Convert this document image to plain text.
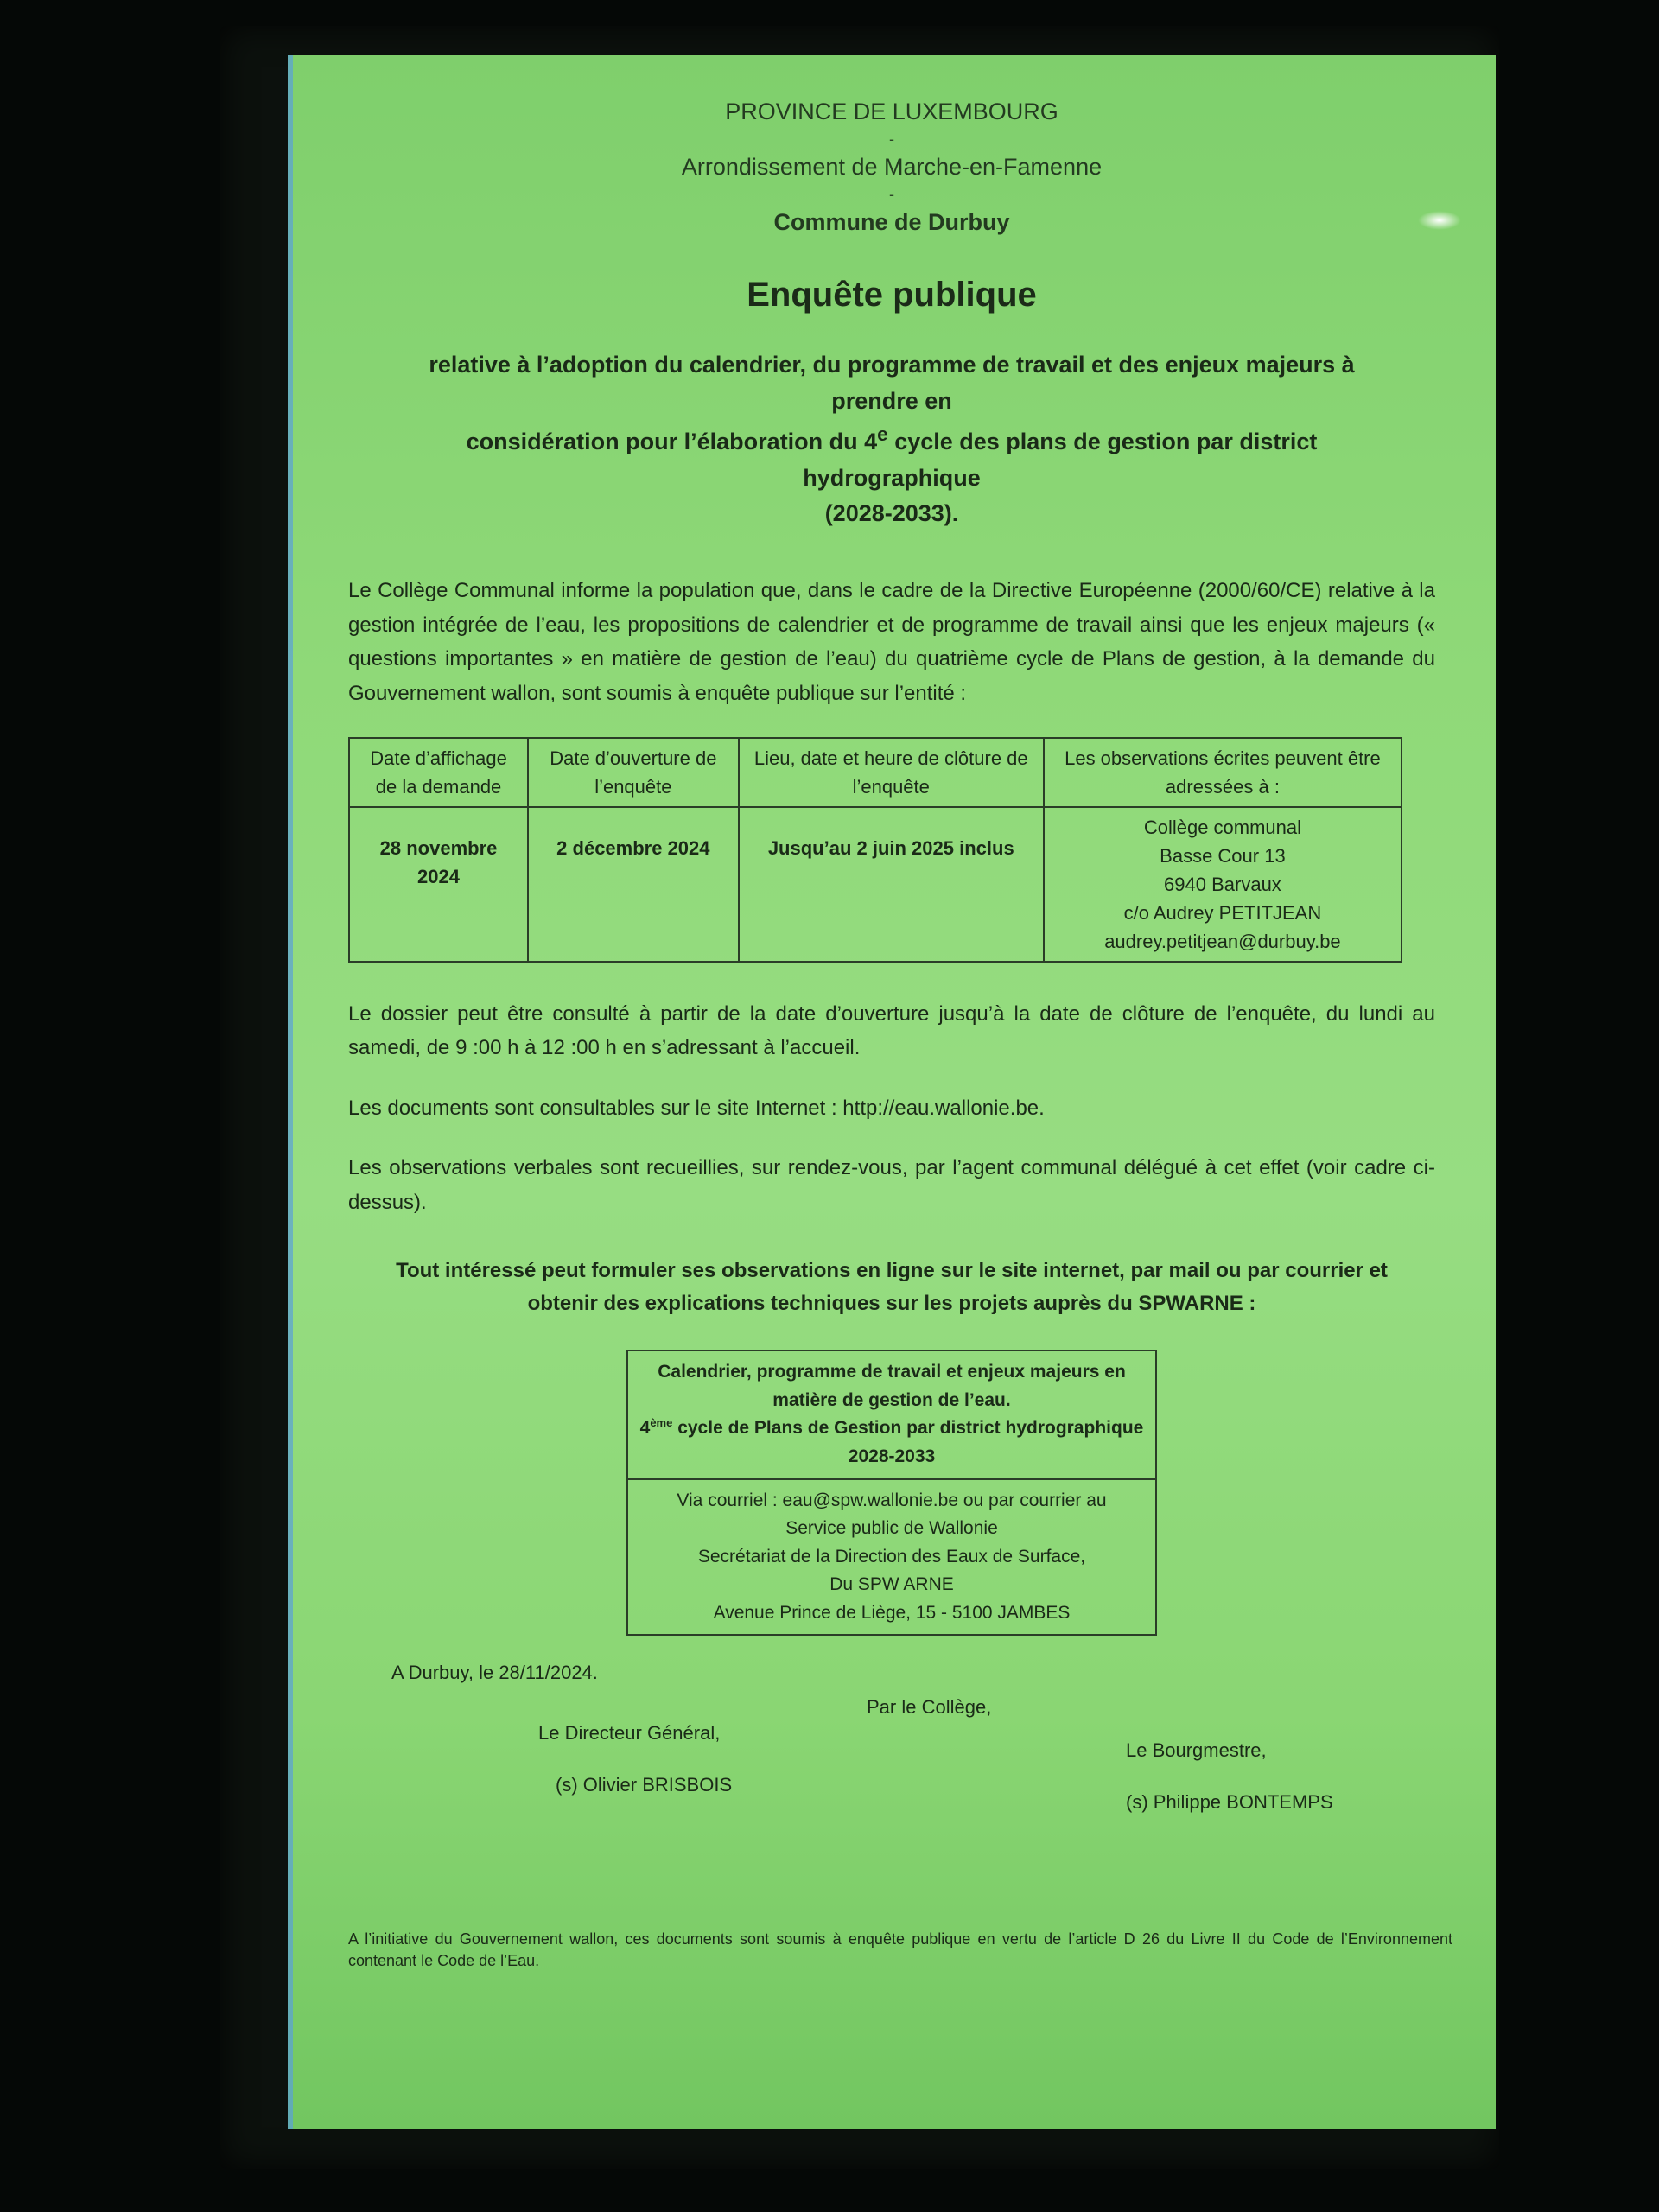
PROVINCE DE LUXEMBOURG

-

Arrondissement de Marche-en-Famenne

-

Commune de Durbuy

Enquête publique
relative à l’adoption du calendrier, du programme de travail et des enjeux majeurs à prendre en
considération pour l’élaboration du 4e cycle des plans de gestion par district hydrographique
(2028-2033).

Le Collège Communal informe la population que, dans le cadre de la Directive Européenne (2000/60/CE) relative à la gestion intégrée de l’eau, les propositions de calendrier et de programme de travail ainsi que les enjeux majeurs (« questions importantes » en matière de gestion de l’eau) du quatrième cycle de Plans de gestion, à la demande du Gouvernement wallon, sont soumis à enquête publique sur l’entité :

Date d’affichage de la demande	Date d’ouverture de l’enquête	Lieu, date et heure de clôture de l’enquête	Les observations écrites peuvent être adressées à :
28 novembre 2024	2 décembre 2024	Jusqu’au 2 juin 2025 inclus	Collège communal
Basse Cour 13
6940 Barvaux
c/o Audrey PETITJEAN
audrey.petitjean@durbuy.be

Le dossier peut être consulté à partir de la date d’ouverture jusqu’à la date de clôture de l’enquête, du lundi au samedi, de 9 :00 h à 12 :00 h en s’adressant à l’accueil.

Les documents sont consultables sur le site Internet : http://eau.wallonie.be.

Les observations verbales sont recueillies, sur rendez-vous, par l’agent communal délégué à cet effet (voir cadre ci-dessus).

Tout intéressé peut formuler ses observations en ligne sur le site internet, par mail ou par courrier et obtenir des explications techniques sur les projets auprès du SPWARNE :

Calendrier, programme de travail et enjeux majeurs en
matière de gestion de l’eau.
4ème cycle de Plans de Gestion par district hydrographique
2028-2033
Via courriel : eau@spw.wallonie.be ou par courrier au
Service public de Wallonie
Secrétariat de la Direction des Eaux de Surface,
Du SPW ARNE
Avenue Prince de Liège, 15 - 5100 JAMBES
A Durbuy, le 28/11/2024.
Par le Collège,
Le Directeur Général,
(s) Olivier BRISBOIS
Le Bourgmestre,
(s) Philippe BONTEMPS

A l’initiative du Gouvernement wallon, ces documents sont soumis à enquête publique en vertu de l’article D 26 du Livre II du Code de l’Environnement contenant le Code de l’Eau.
